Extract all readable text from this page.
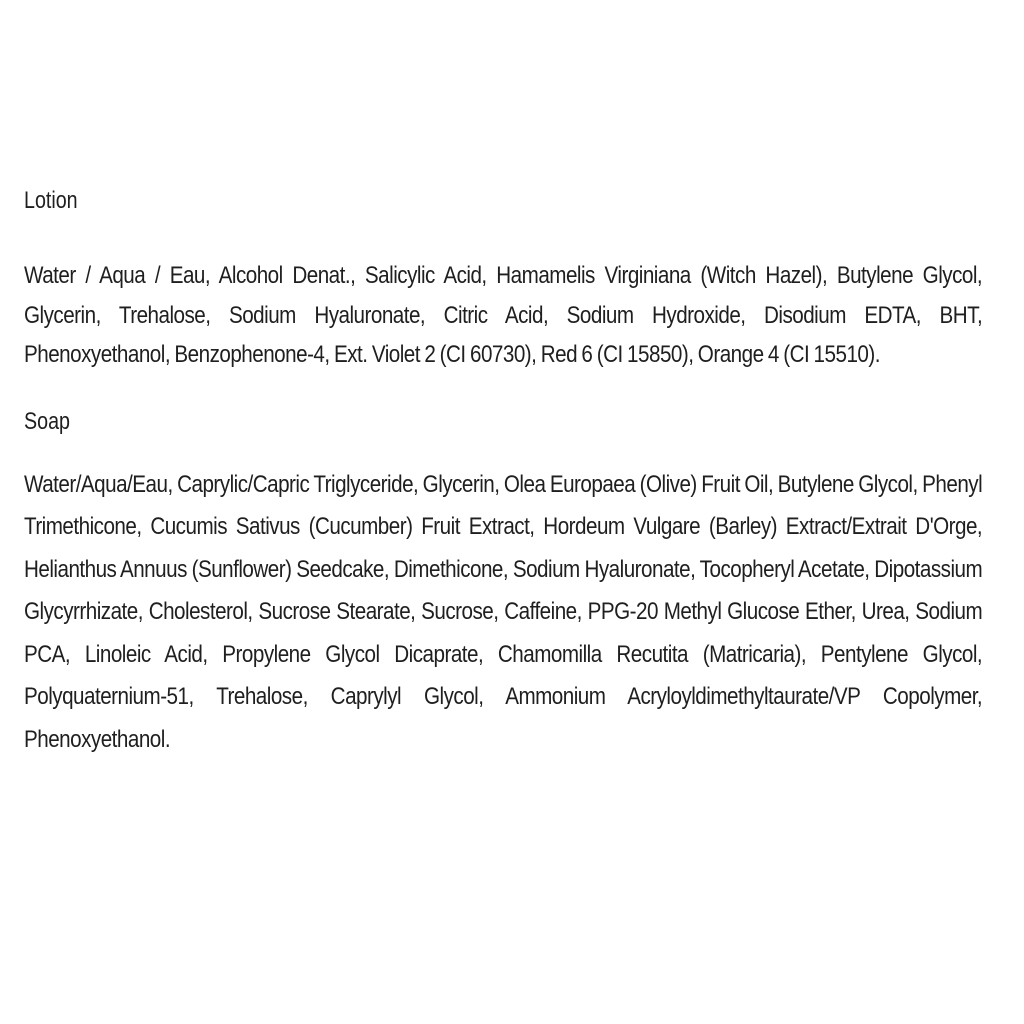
Lotion

Water / Aqua / Eau, Alcohol Denat., Salicylic Acid, Hamamelis Virginiana (Witch Hazel), Butylene Glycol, Glycerin, Trehalose, Sodium Hyaluronate, Citric Acid, Sodium Hydroxide, Disodium EDTA, BHT, Phenoxyethanol, Benzophenone-4, Ext. Violet 2 (CI 60730), Red 6 (CI 15850), Orange 4 (CI 15510).

Soap

Water/Aqua/Eau, Caprylic/Capric Triglyceride, Glycerin, Olea Europaea (Olive) Fruit Oil, Butylene Glycol, Phenyl Trimethicone, Cucumis Sativus (Cucumber) Fruit Extract, Hordeum Vulgare (Barley) Extract/Extrait D'Orge, Helianthus Annuus (Sunflower) Seedcake, Dimethicone, Sodium Hyaluronate, Tocopheryl Acetate, Dipotassium Glycyrrhizate, Cholesterol, Sucrose Stearate, Sucrose, Caffeine, PPG-20 Methyl Glucose Ether, Urea, Sodium PCA, Linoleic Acid, Propylene Glycol Dicaprate, Chamomilla Recutita (Matricaria), Pentylene Glycol, Polyquaternium-51, Trehalose, Caprylyl Glycol, Ammonium Acryloyldimethyltaurate/VP Copolymer, Phenoxyethanol.
